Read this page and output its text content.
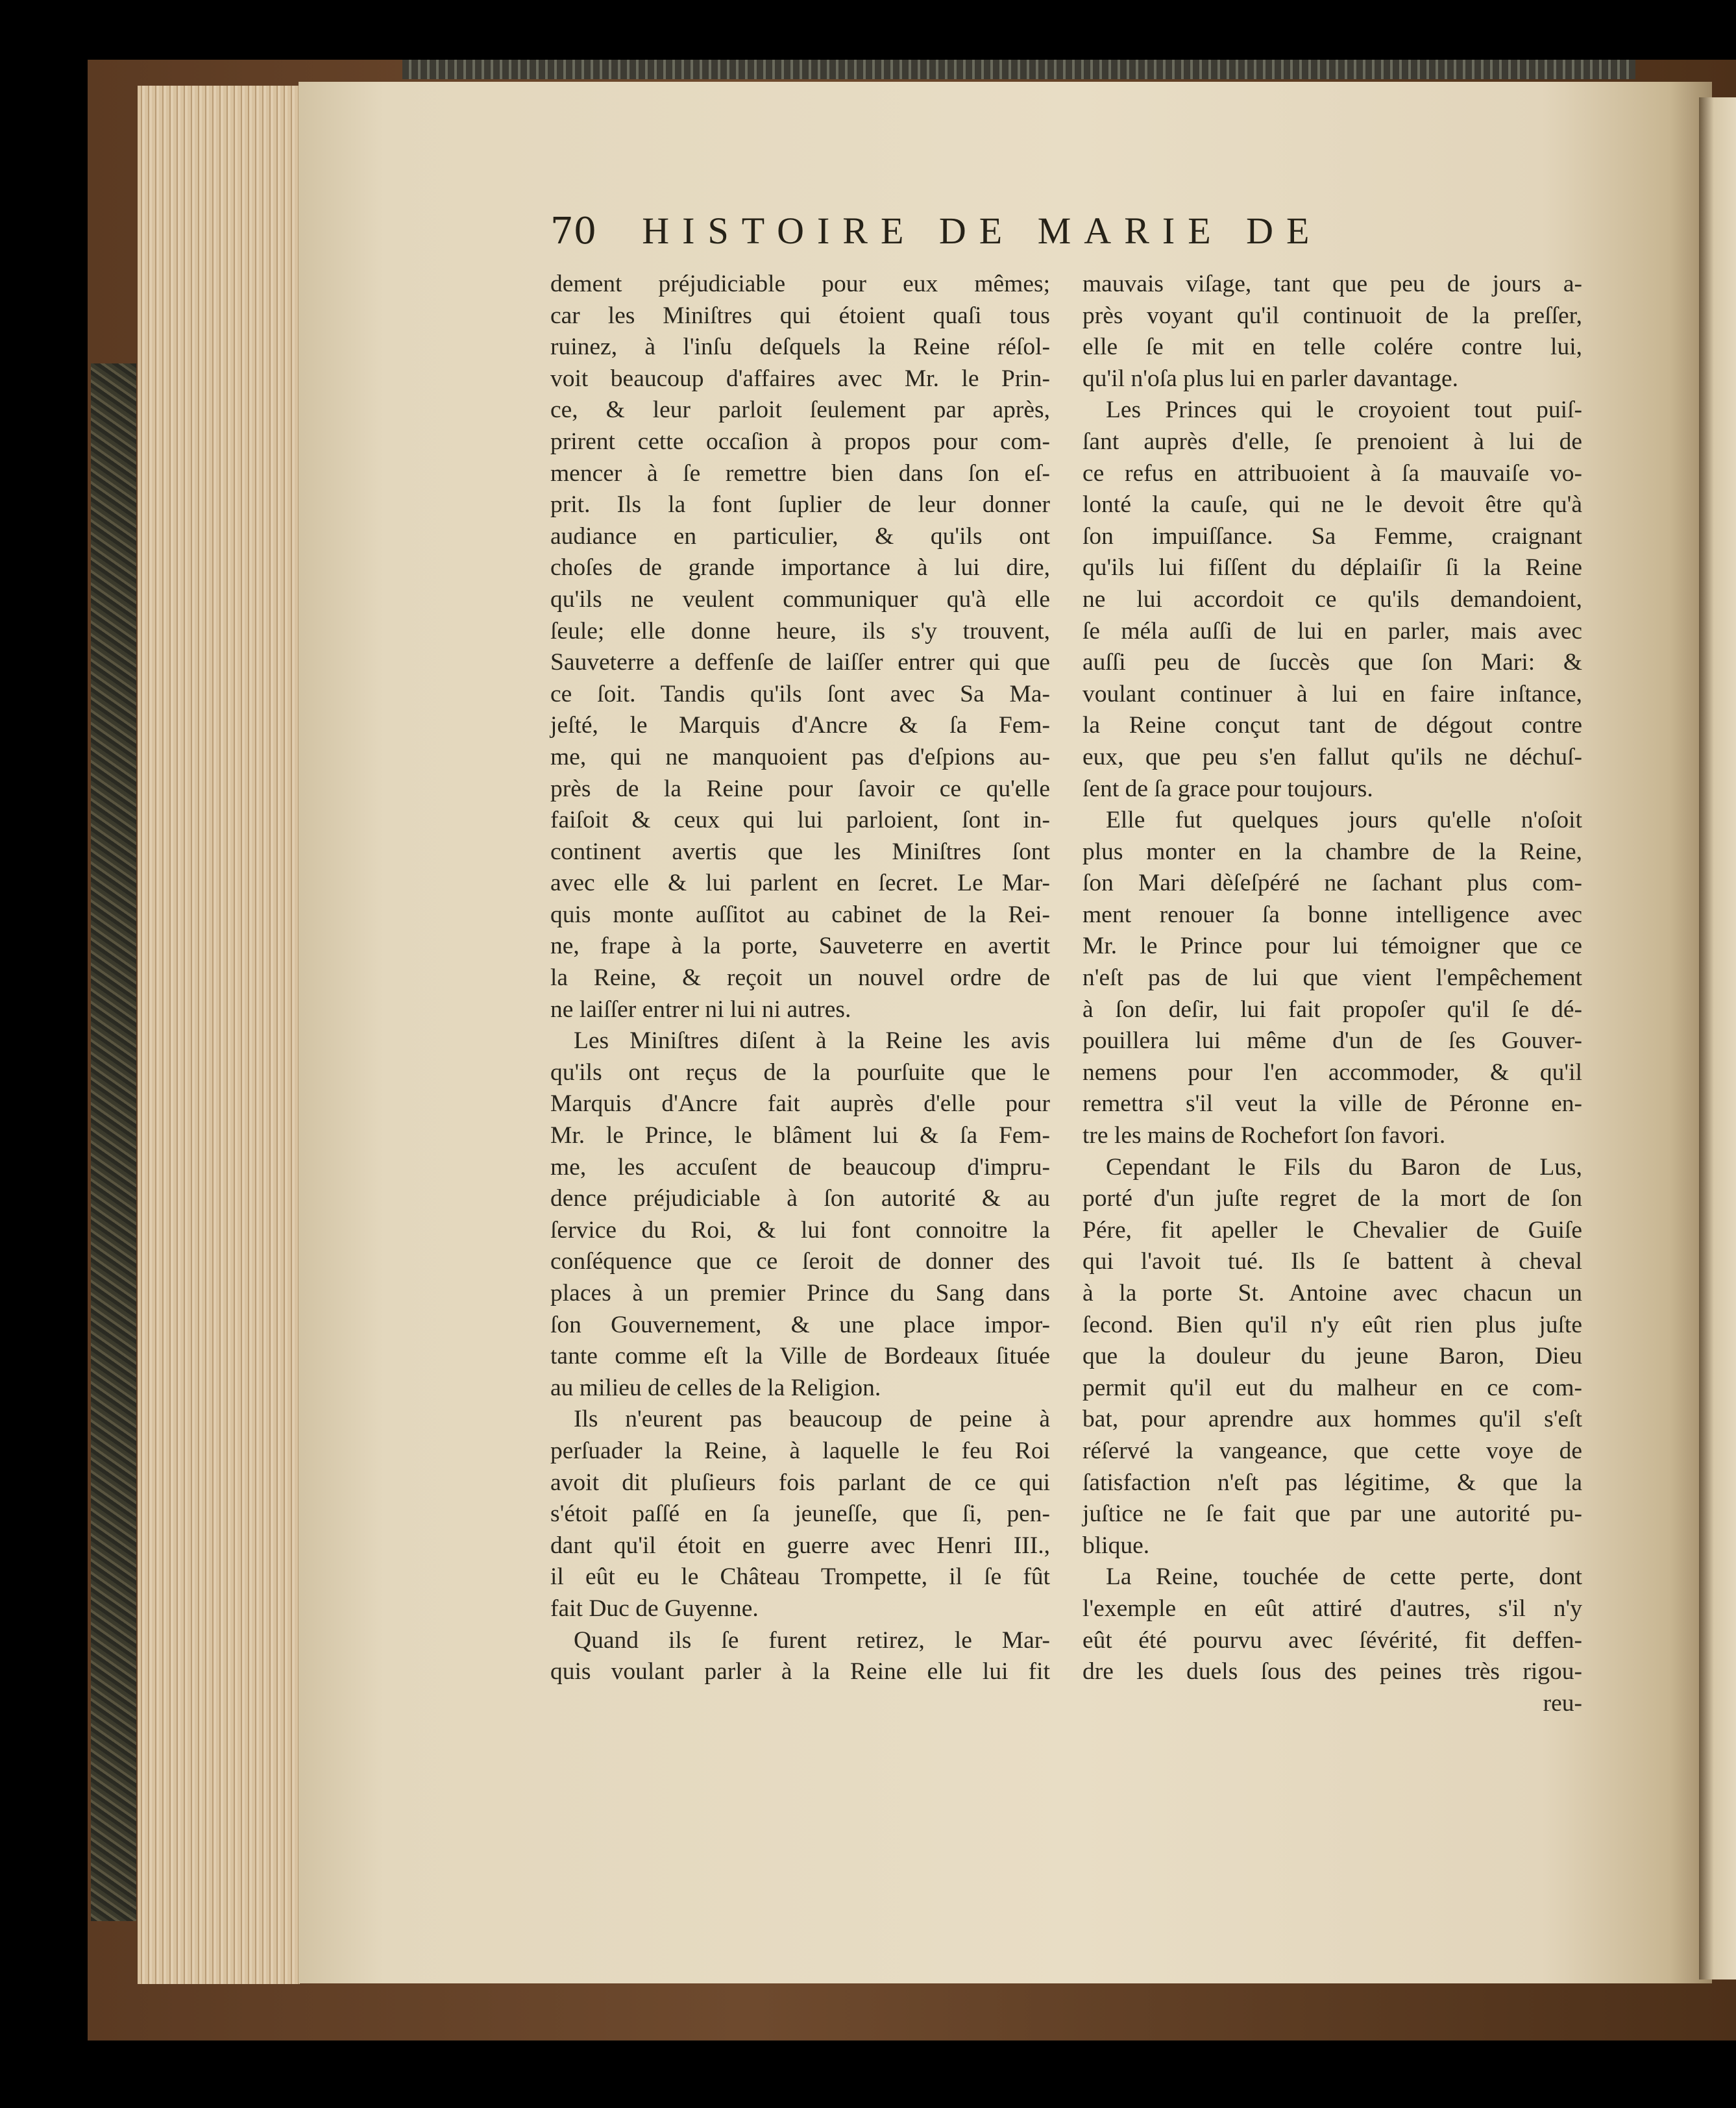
70 HISTOIRE DE MARIE DE
dement préjudiciable pour eux mêmes;
car les Miniſtres qui étoient quaſi tous
ruinez, à l'inſu deſquels la Reine réſol-
voit beaucoup d'affaires avec Mr. le Prin-
ce, & leur parloit ſeulement par après,
prirent cette occaſion à propos pour com-
mencer à ſe remettre bien dans ſon eſ-
prit. Ils la font ſuplier de leur donner
audiance en particulier, & qu'ils ont
choſes de grande importance à lui dire,
qu'ils ne veulent communiquer qu'à elle
ſeule; elle donne heure, ils s'y trouvent,
Sauveterre a deffenſe de laiſſer entrer qui que
ce ſoit. Tandis qu'ils ſont avec Sa Ma-
jeſté, le Marquis d'Ancre & ſa Fem-
me, qui ne manquoient pas d'eſpions au-
près de la Reine pour ſavoir ce qu'elle
faiſoit & ceux qui lui parloient, ſont in-
continent avertis que les Miniſtres ſont
avec elle & lui parlent en ſecret. Le Mar-
quis monte auſſitot au cabinet de la Rei-
ne, frape à la porte, Sauveterre en avertit
la Reine, & reçoit un nouvel ordre de
ne laiſſer entrer ni lui ni autres.
Les Miniſtres diſent à la Reine les avis
qu'ils ont reçus de la pourſuite que le
Marquis d'Ancre fait auprès d'elle pour
Mr. le Prince, le blâment lui & ſa Fem-
me, les accuſent de beaucoup d'impru-
dence préjudiciable à ſon autorité & au
ſervice du Roi, & lui font connoitre la
conſéquence que ce ſeroit de donner des
places à un premier Prince du Sang dans
ſon Gouvernement, & une place impor-
tante comme eſt la Ville de Bordeaux ſituée
au milieu de celles de la Religion.
Ils n'eurent pas beaucoup de peine à
perſuader la Reine, à laquelle le feu Roi
avoit dit pluſieurs fois parlant de ce qui
s'étoit paſſé en ſa jeuneſſe, que ſi, pen-
dant qu'il étoit en guerre avec Henri III.,
il eût eu le Château Trompette, il ſe fût
fait Duc de Guyenne.
Quand ils ſe furent retirez, le Mar-
quis voulant parler à la Reine elle lui fit
mauvais viſage, tant que peu de jours a-
près voyant qu'il continuoit de la preſſer,
elle ſe mit en telle colére contre lui,
qu'il n'oſa plus lui en parler davantage.
Les Princes qui le croyoient tout puiſ-
ſant auprès d'elle, ſe prenoient à lui de
ce refus en attribuoient à ſa mauvaiſe vo-
lonté la cauſe, qui ne le devoit être qu'à
ſon impuiſſance. Sa Femme, craignant
qu'ils lui fiſſent du déplaiſir ſi la Reine
ne lui accordoit ce qu'ils demandoient,
ſe méla auſſi de lui en parler, mais avec
auſſi peu de ſuccès que ſon Mari: &
voulant continuer à lui en faire inſtance,
la Reine conçut tant de dégout contre
eux, que peu s'en fallut qu'ils ne déchuſ-
ſent de ſa grace pour toujours.
Elle fut quelques jours qu'elle n'oſoit
plus monter en la chambre de la Reine,
ſon Mari dèſeſpéré ne ſachant plus com-
ment renouer ſa bonne intelligence avec
Mr. le Prince pour lui témoigner que ce
n'eſt pas de lui que vient l'empêchement
à ſon deſir, lui fait propoſer qu'il ſe dé-
pouillera lui même d'un de ſes Gouver-
nemens pour l'en accommoder, & qu'il
remettra s'il veut la ville de Péronne en-
tre les mains de Rochefort ſon favori.
Cependant le Fils du Baron de Lus,
porté d'un juſte regret de la mort de ſon
Pére, fit apeller le Chevalier de Guiſe
qui l'avoit tué. Ils ſe battent à cheval
à la porte St. Antoine avec chacun un
ſecond. Bien qu'il n'y eût rien plus juſte
que la douleur du jeune Baron, Dieu
permit qu'il eut du malheur en ce com-
bat, pour aprendre aux hommes qu'il s'eſt
réſervé la vangeance, que cette voye de
ſatisfaction n'eſt pas légitime, & que la
juſtice ne ſe fait que par une autorité pu-
blique.
La Reine, touchée de cette perte, dont
l'exemple en eût attiré d'autres, s'il n'y
eût été pourvu avec ſévérité, fit deffen-
dre les duels ſous des peines très rigou-
reu-
